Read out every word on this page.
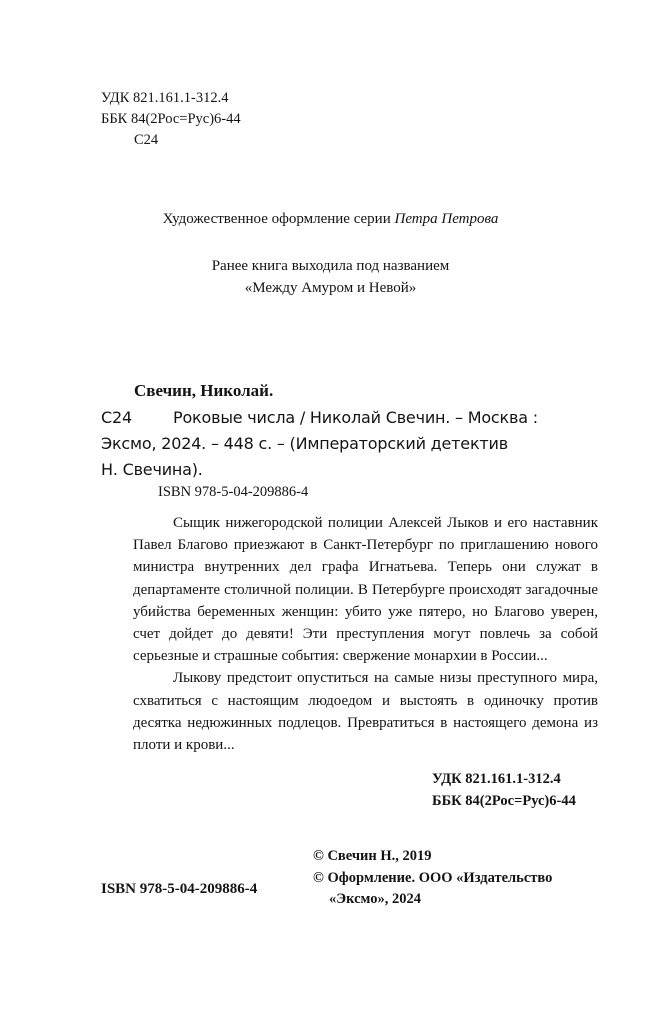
УДК 821.161.1-312.4
ББК 84(2Рос=Рус)6-44
С24
Художественное оформление серии Петра Петрова
Ранее книга выходила под названием
«Между Амуром и Невой»
Свечин, Николай.
С24	Роковые числа / Николай Свечин. – Москва :
Эксмо, 2024. – 448 с. – (Императорский детектив
Н. Свечина).
ISBN 978-5-04-209886-4

Сыщик нижегородской полиции Алексей Лыков и его наставник Павел Благово приезжают в Санкт-Петербург по приглашению нового министра внутренних дел графа Игнатьева. Теперь они служат в департаменте столичной полиции. В Петербурге происходят загадочные убийства беременных женщин: убито уже пятеро, но Благово уверен, счет дойдет до девяти! Эти преступления могут повлечь за собой серьезные и страшные события: свержение монархии в России...

Лыкову предстоит опуститься на самые низы преступного мира, схватиться с настоящим людоедом и выстоять в одиночку против десятка недюжинных подлецов. Превратиться в настоящего демона из плоти и крови...

УДК 821.161.1-312.4
ББК 84(2Рос=Рус)6-44
© Свечин Н., 2019
© Оформление. ООО «Издательство
«Эксмо», 2024
ISBN 978-5-04-209886-4
